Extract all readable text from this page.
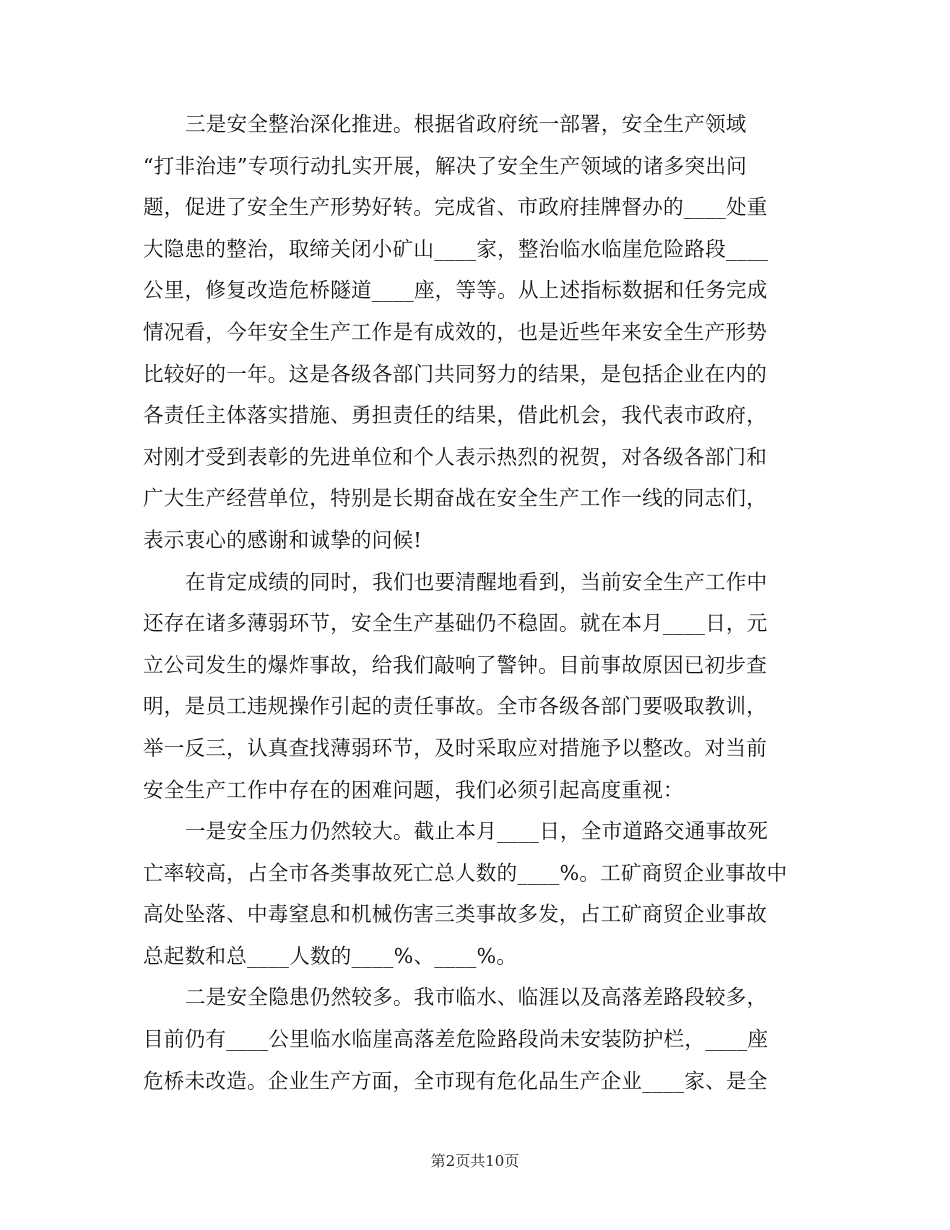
三是安全整治深化推进。根据省政府统一部署，安全生产领域
“打非治违”专项行动扎实开展，解决了安全生产领域的诸多突出问
题，促进了安全生产形势好转。完成省、市政府挂牌督办的____处重
大隐患的整治，取缔关闭小矿山____家，整治临水临崖危险路段____
公里，修复改造危桥隧道____座，等等。从上述指标数据和任务完成
情况看，今年安全生产工作是有成效的，也是近些年来安全生产形势
比较好的一年。这是各级各部门共同努力的结果，是包括企业在内的
各责任主体落实措施、勇担责任的结果，借此机会，我代表市政府，
对刚才受到表彰的先进单位和个人表示热烈的祝贺，对各级各部门和
广大生产经营单位，特别是长期奋战在安全生产工作一线的同志们，
表示衷心的感谢和诚挚的问候!
在肯定成绩的同时，我们也要清醒地看到，当前安全生产工作中
还存在诸多薄弱环节，安全生产基础仍不稳固。就在本月____日，元
立公司发生的爆炸事故，给我们敲响了警钟。目前事故原因已初步查
明，是员工违规操作引起的责任事故。全市各级各部门要吸取教训，
举一反三，认真查找薄弱环节，及时采取应对措施予以整改。对当前
安全生产工作中存在的困难问题，我们必须引起高度重视：
一是安全压力仍然较大。截止本月____日，全市道路交通事故死
亡率较高，占全市各类事故死亡总人数的____%。工矿商贸企业事故中
高处坠落、中毒窒息和机械伤害三类事故多发，占工矿商贸企业事故
总起数和总____人数的____%、____%。
二是安全隐患仍然较多。我市临水、临涯以及高落差路段较多，
目前仍有____公里临水临崖高落差危险路段尚未安装防护栏，____座
危桥未改造。企业生产方面，全市现有危化品生产企业____家、是全
第2页共10页
